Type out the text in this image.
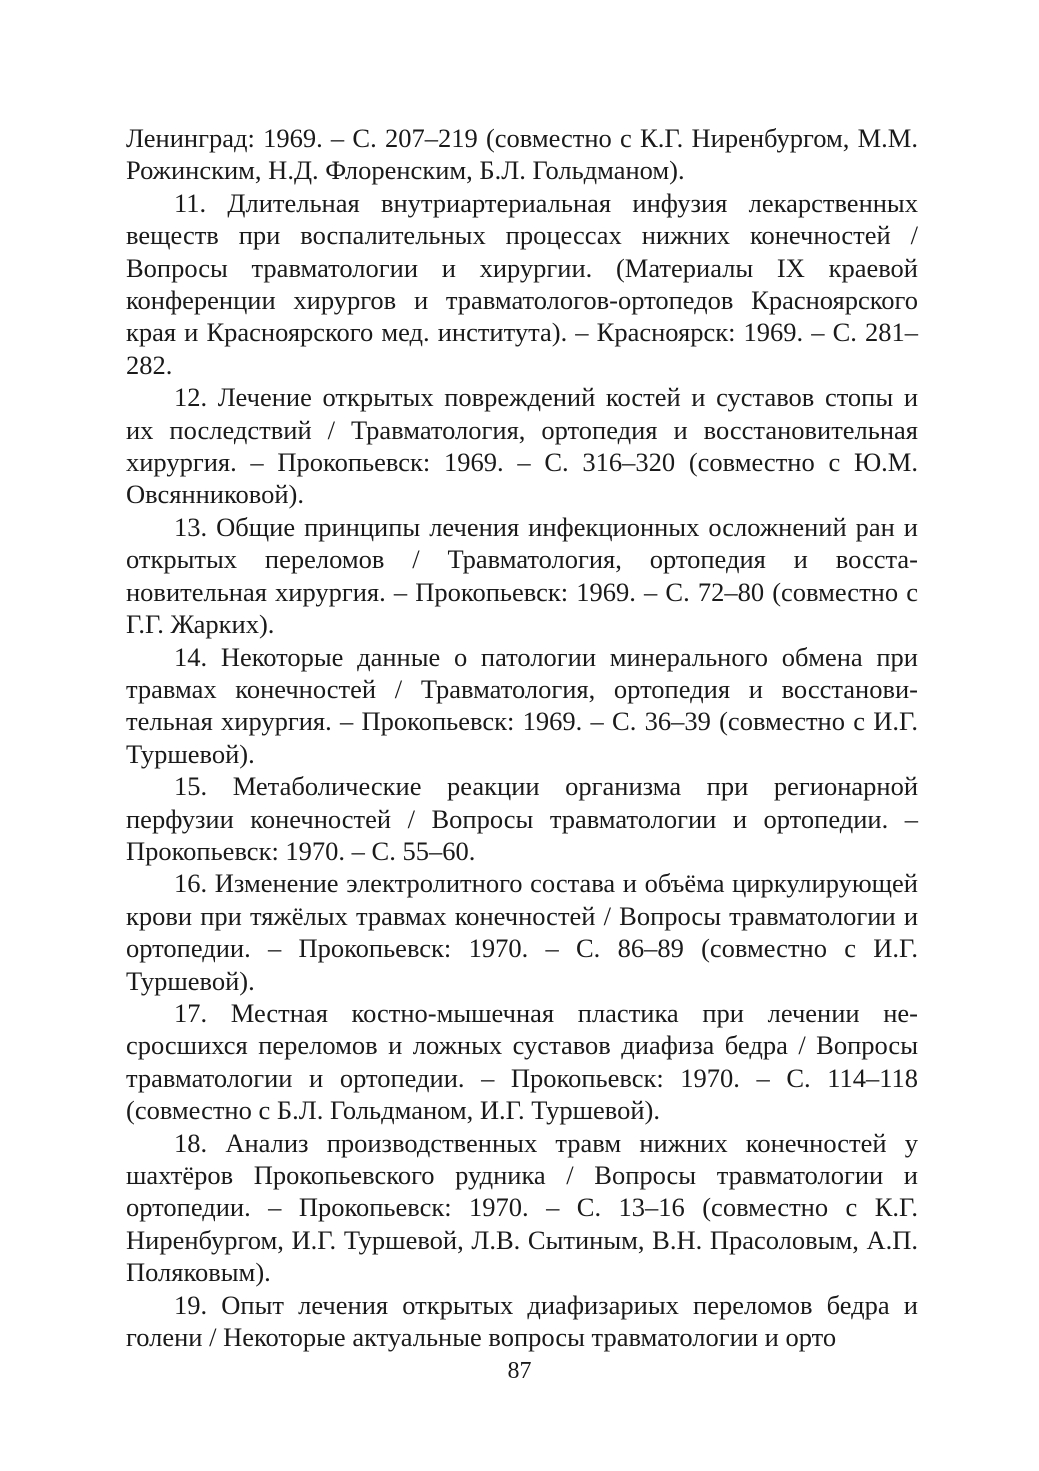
Ленинград: 1969. – С. 207–219 (совместно с К.Г. Ниренбургом, М.М. Рожинским, Н.Д. Флоренским, Б.Л. Гольдманом).

11. Длительная внутриартериальная инфузия лекарственных веществ при воспалительных процессах нижних конечностей / Вопросы травматологии и хирургии. (Материалы IX краевой конференции хирургов и травматологов-ортопедов Красноярского края и Красноярского мед. института). – Красноярск: 1969. – С. 281–282.

12. Лечение открытых повреждений костей и суставов стопы и их последствий / Травматология, ортопедия и восстановительная хирургия. – Прокопьевск: 1969. – С. 316–320 (совместно с Ю.М. Овсянниковой).

13. Общие принципы лечения инфекционных осложнений ран и открытых переломов / Травматология, ортопедия и восстановительная хирургия. – Прокопьевск: 1969. – С. 72–80 (совместно с Г.Г. Жарких).

14. Некоторые данные о патологии минерального обмена при травмах конечностей / Травматология, ортопедия и восстановительная хирургия. – Прокопьевск: 1969. – С. 36–39 (совместно с И.Г. Туршевой).

15. Метаболические реакции организма при регионарной перфузии конечностей / Вопросы травматологии и ортопедии. – Прокопьевск: 1970. – С. 55–60.

16. Изменение электролитного состава и объёма циркулирующей крови при тяжёлых травмах конечностей / Вопросы травматологии и ортопедии. – Прокопьевск: 1970. – С. 86–89 (совместно с И.Г. Туршевой).

17. Местная костно-мышечная пластика при лечении несросшихся переломов и ложных суставов диафиза бедра / Вопросы травматологии и ортопедии. – Прокопьевск: 1970. – С. 114–118 (совместно с Б.Л. Гольдманом, И.Г. Туршевой).

18. Анализ производственных травм нижних конечностей у шахтёров Прокопьевского рудника / Вопросы травматологии и ортопедии. – Прокопьевск: 1970. – С. 13–16 (совместно с К.Г. Ниренбургом, И.Г. Туршевой, Л.В. Сытиным, В.Н. Прасоловым, А.П. Поляковым).

19. Опыт лечения открытых диафизариых переломов бедра и голени / Некоторые актуальные вопросы травматологии и орто

87
